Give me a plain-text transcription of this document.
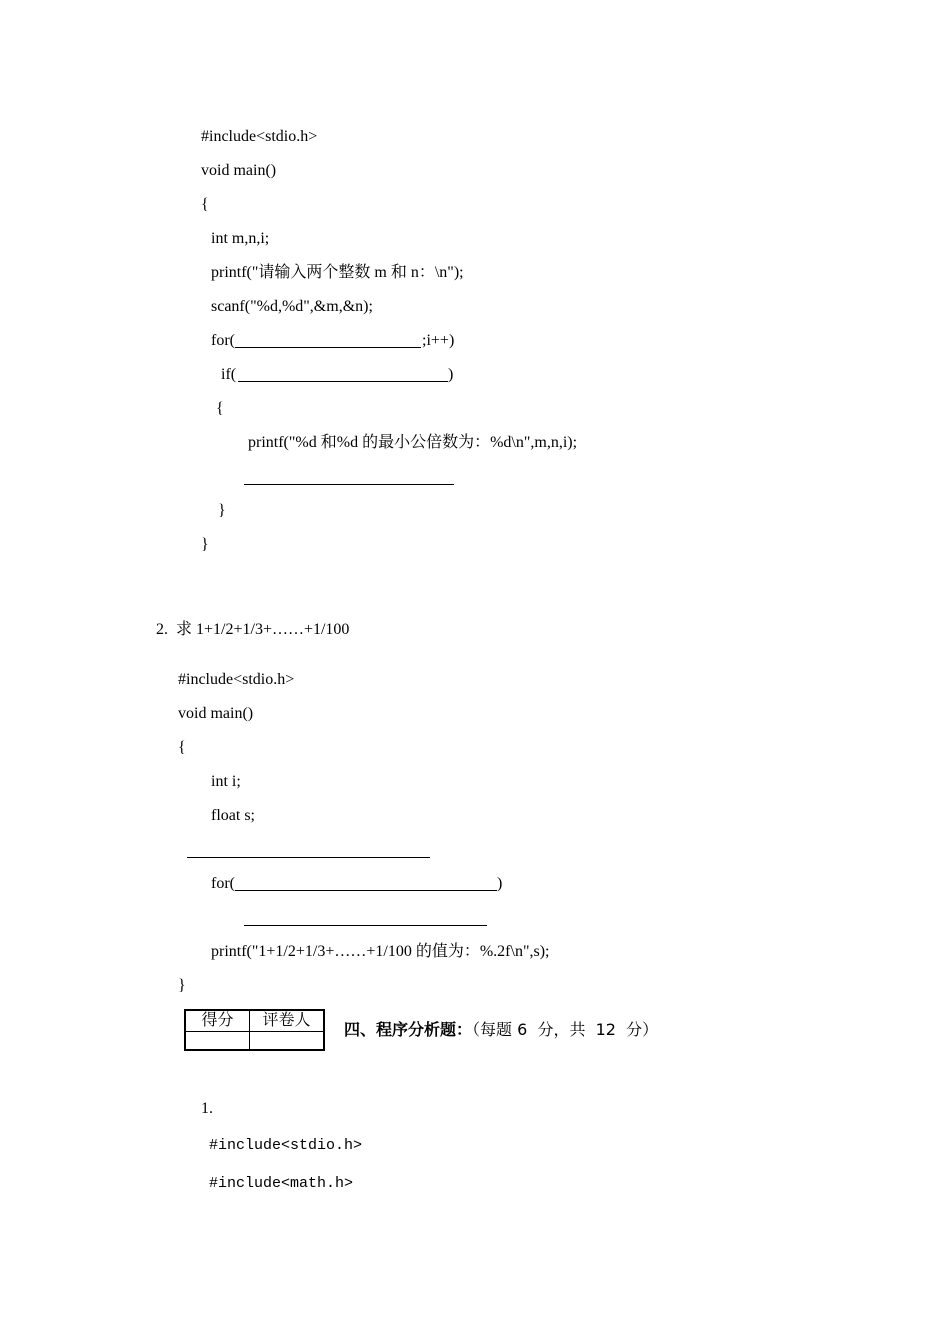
#include<stdio.h>
void main()
{
int m,n,i;
printf("请输入两个整数 m 和 n：\n");
scanf("%d,%d",&m,&n);
for(	;i++)
if(	)
{
printf("%d 和%d 的最小公倍数为：%d\n",m,n,i);
}
}
2.  求 1+1/2+1/3+……+1/100
#include<stdio.h>
void main()
{
int i;
float s;
for(	)
printf("1+1/2+1/3+……+1/100 的值为：%.2f\n",s);
}
得分	评卷人	四、程序分析题：（每题 6  分，共  12  分）
1.
#include<stdio.h>
#include<math.h>
